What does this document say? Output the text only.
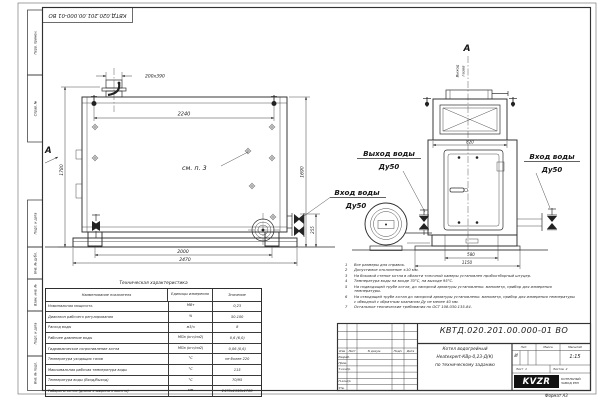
Перв. примен.
Справ. №
Подп. и дата
Инв. № дубл.
Взам. инв. №
Подп. и дата
Инв. № подл.
см. п. 3
А
А
Выход газов
200х390
2240
1780	1690
255
2000
2470
820
580
1150
Выход воды
Ду50
Вход воды
Ду50
Вход воды
Ду50
КВТД.020.201.00.000-01 ВО
Техническая характеристика
Наименование показателя	Единицы измерения	Значение
Номинальная мощность	МВт	0,23
Диапазон рабочего регулирования	%	50-100
Расход воды	м3/ч	8
Рабочее давление воды	МПа (кгс/см2)	0,6 (6,0)
Гидравлическое сопротивление котла	МПа (кгс/см2)	0,06 (0,6)
Температура уходящих газов	°С	не более 220
Максимальная рабочая температура воды	°С	115
Температура воды (Вход/Выход)	°С	70/95
Габариты котла (длина х ширина х высота)	мм	2470х1150х1780
1	Все размеры для справок.
2	Допустимое отклонение ±10 мм.
3	На боковой стенке котла в области топочной камеры установлен пробоотборный штуцер.
4	Температура воды на входе 70°С, на выходе 95°С.
5	На подводящей трубе котла, до запорной арматуры установлены: манометр, прибор для измерения температуры.
6	На отводящей трубе котла до запорной арматуры установлены: манометр, прибор для измерения температуры с обводной с обратным клапаном Ду не менее 40 мм.
7	Остальные технические требования по ОСТ 108.030.135-84.
КВТД.020.201.00.000-01 ВО
Котел водогрейный
Heatexpert-КВр-0,23-Д(К)
по техническому заданию
Изм	Лист	N докум.	Подп.	Дата
Разраб.
Пров.
Т.контр.
Н.контр.
Утв.
Лит.	Масса	Масштаб
И	1:15
Лист 1	Листов 2
KVZR	КОТЕЛЬНЫЙ
ЗАВОД РЭП
Формат А3
